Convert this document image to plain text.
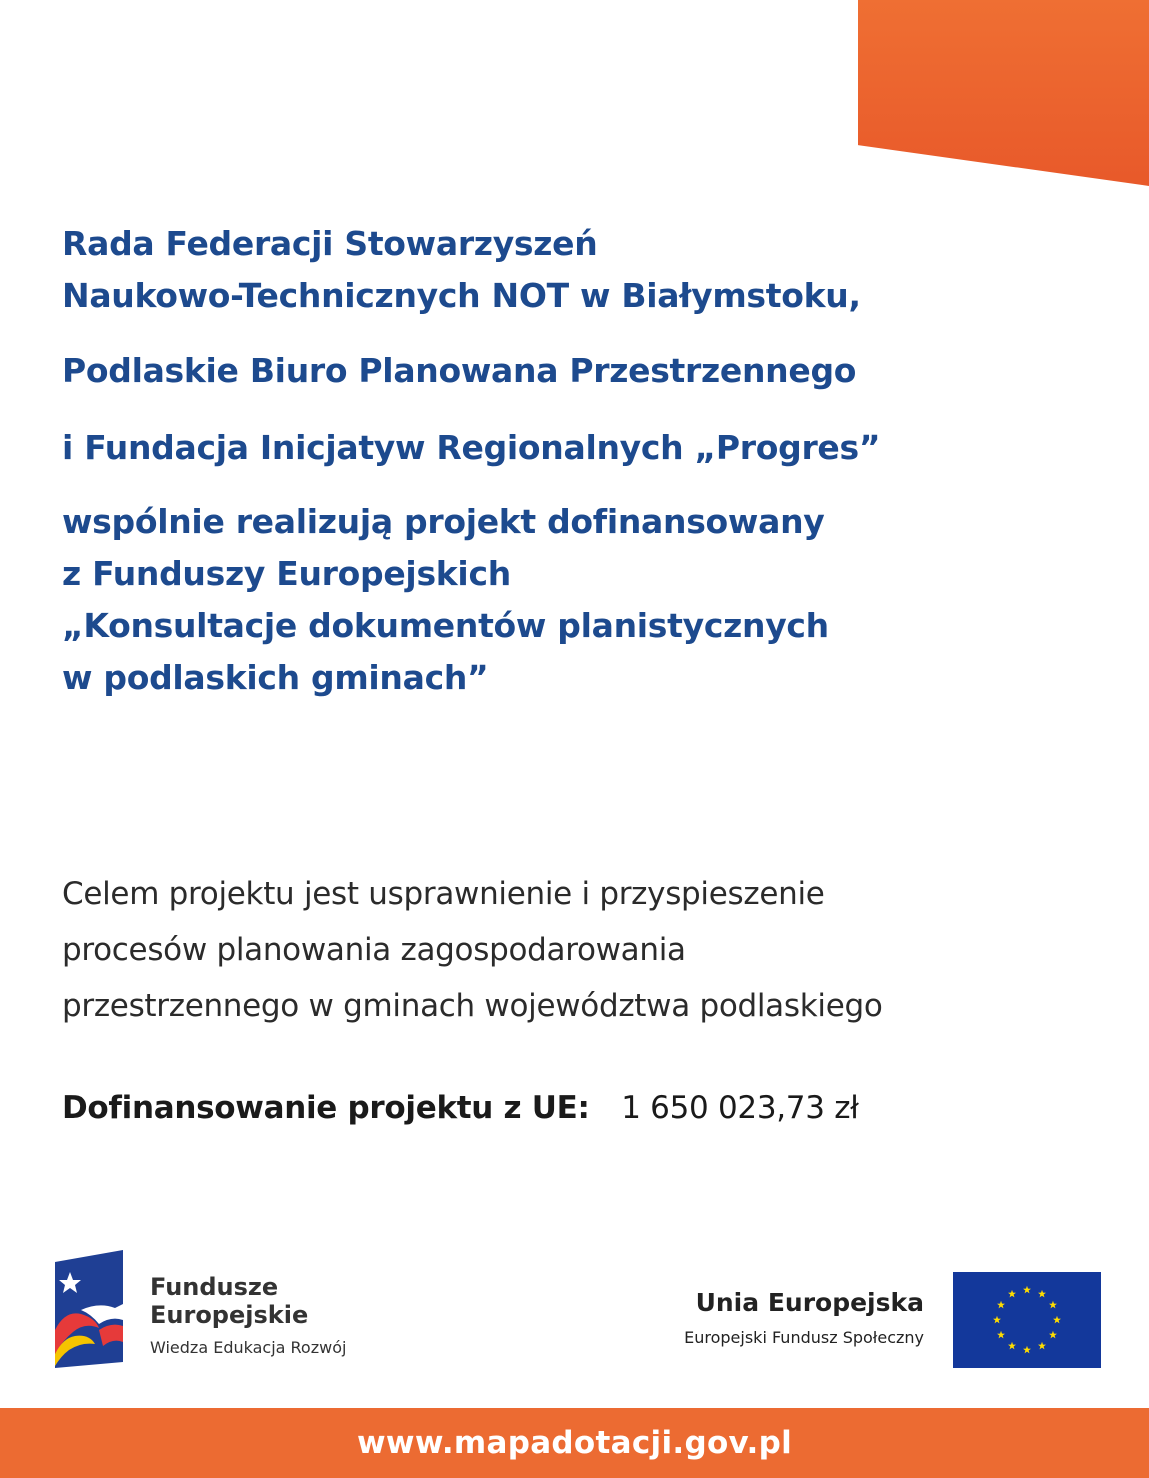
Rada Federacji Stowarzyszeń
Naukowo-Technicznych NOT w Białymstoku,
Podlaskie Biuro Planowana Przestrzennego
i Fundacja Inicjatyw Regionalnych „Progres”
wspólnie realizują projekt dofinansowany
z Funduszy Europejskich
„Konsultacje dokumentów planistycznych
w podlaskich gminach”
Celem projektu jest usprawnienie i przyspieszenie
procesów planowania zagospodarowania
przestrzennego w gminach województwa podlaskiego
Dofinansowanie projektu z UE: 1 650 023,73 zł
Fundusze
Europejskie
Wiedza Edukacja Rozwój
Unia Europejska
Europejski Fundusz Społeczny
www.mapadotacji.gov.pl
